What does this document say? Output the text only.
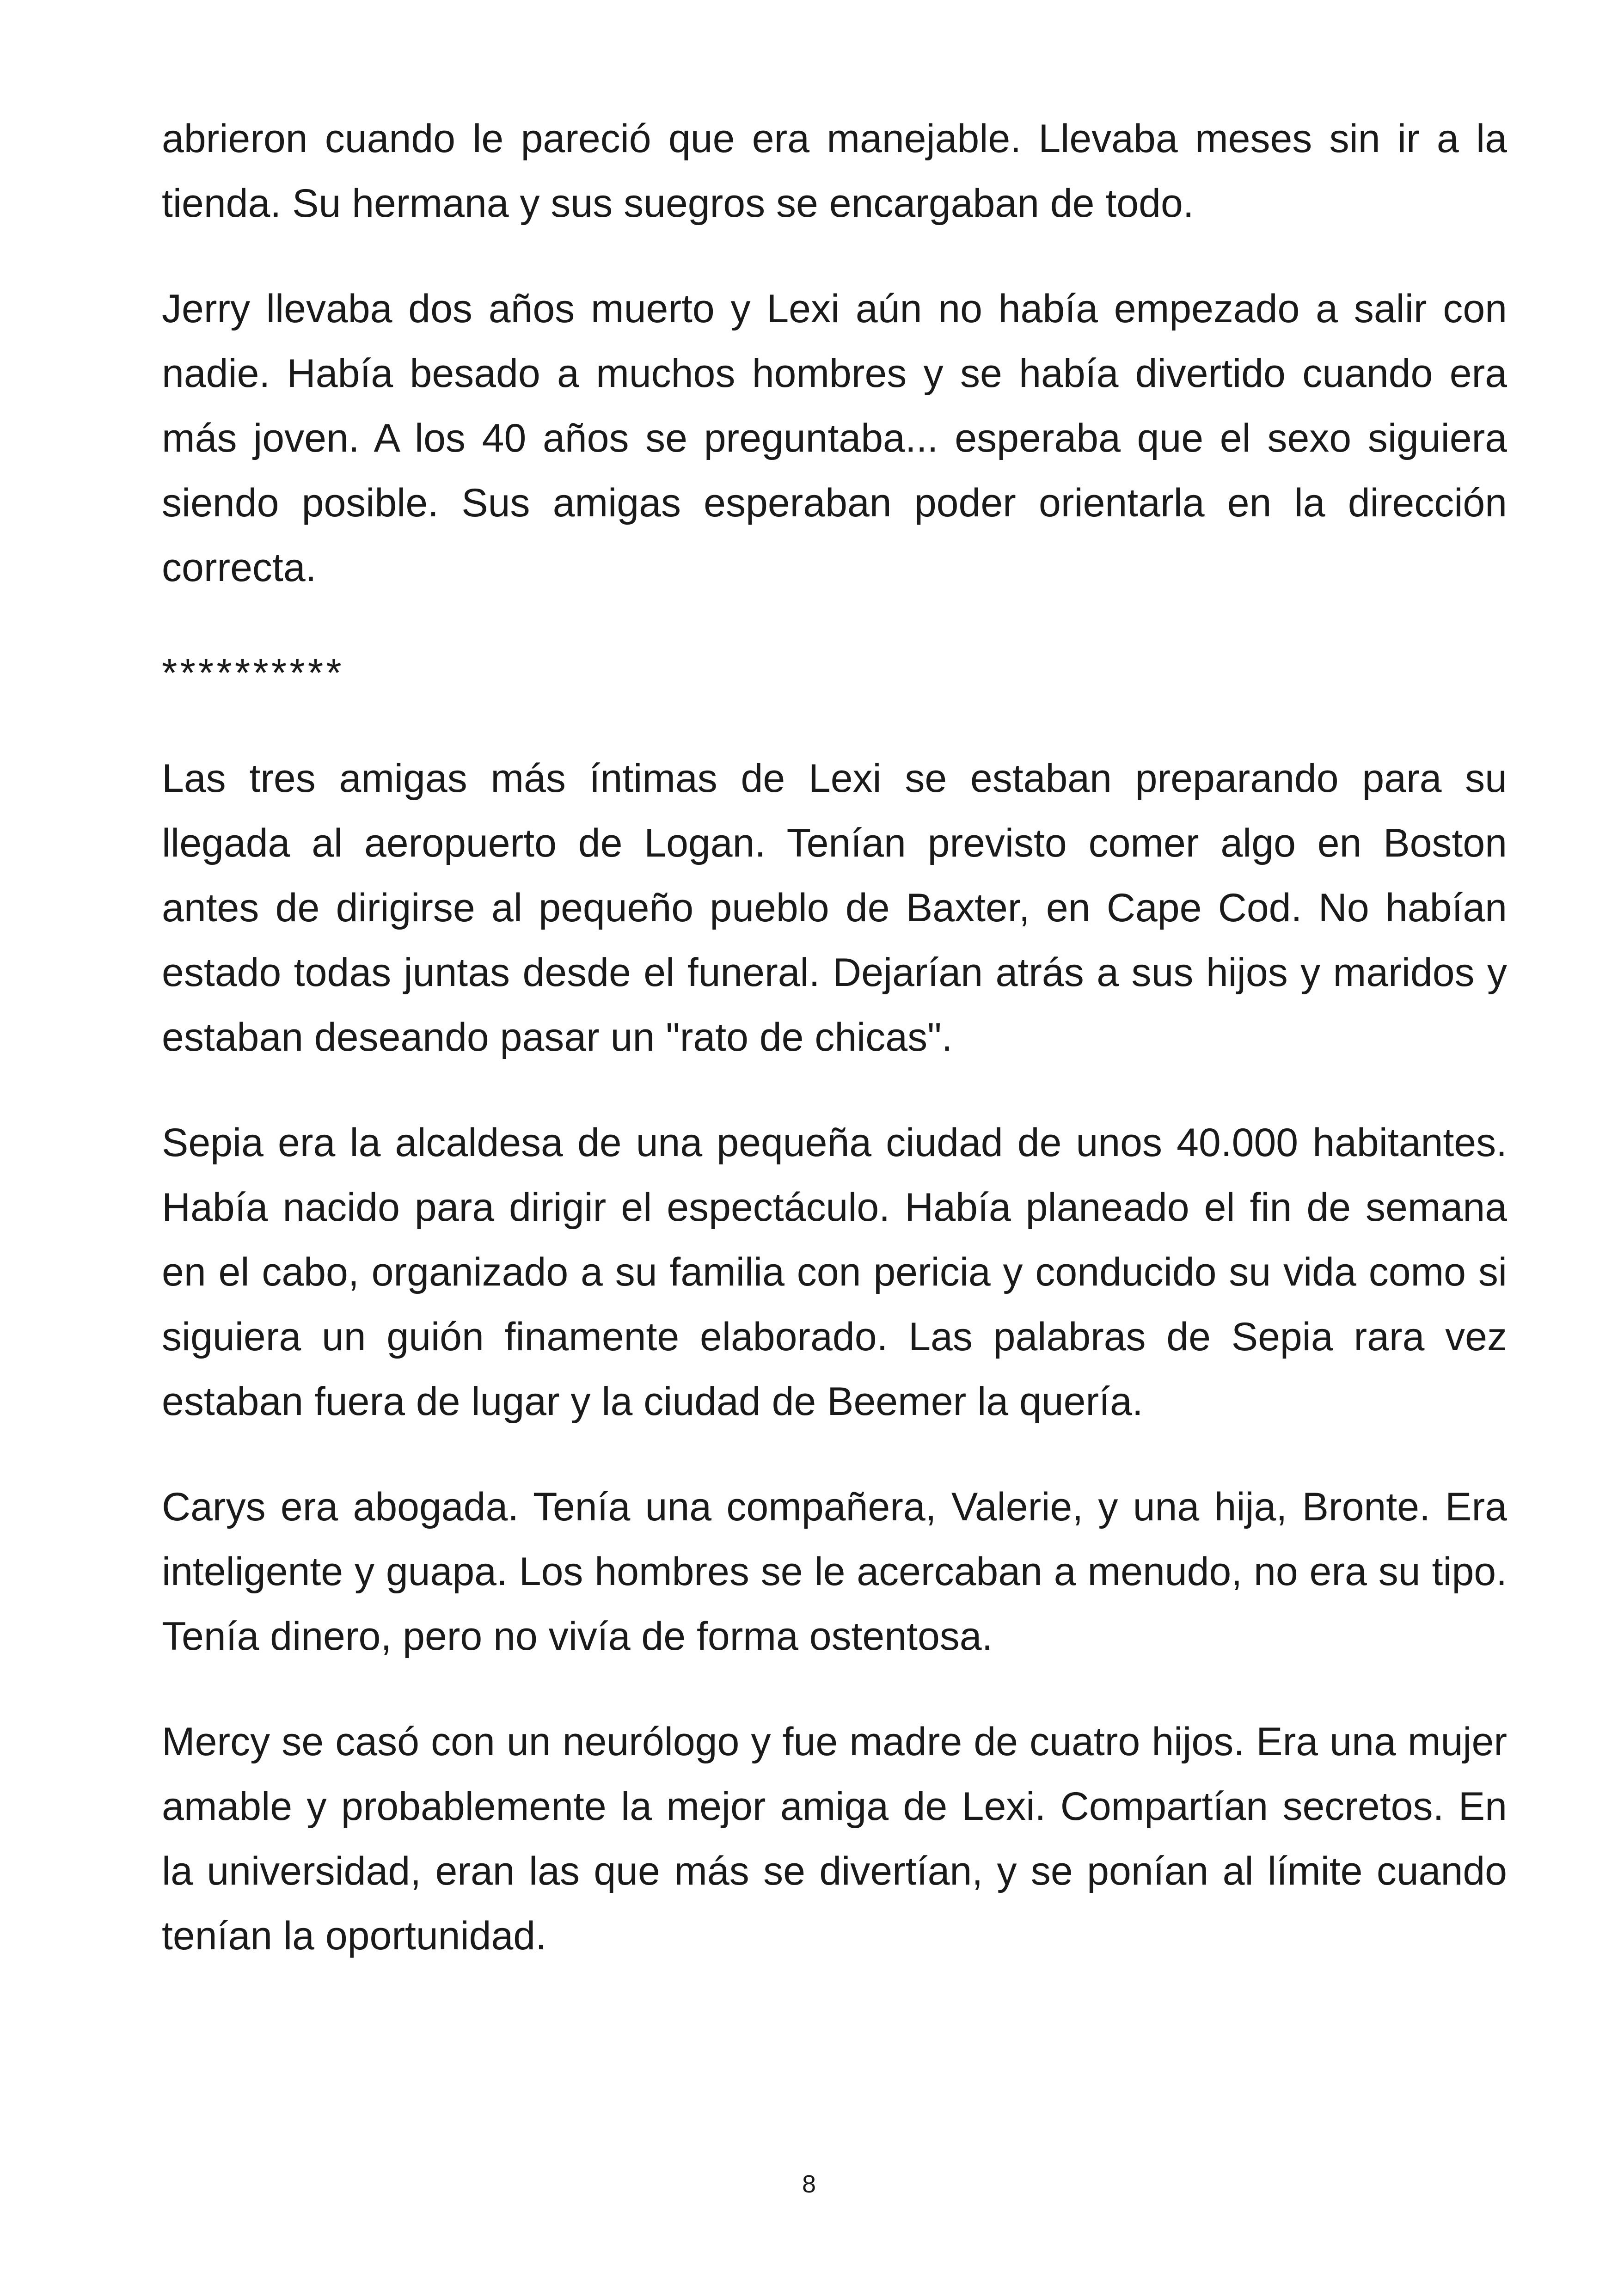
abrieron cuando le pareció que era manejable. Llevaba meses sin ir a la tienda. Su hermana y sus suegros se encargaban de todo.

Jerry llevaba dos años muerto y Lexi aún no había empezado a salir con nadie. Había besado a muchos hombres y se había divertido cuando era más joven. A los 40 años se preguntaba... esperaba que el sexo siguiera siendo posible. Sus amigas esperaban poder orientarla en la dirección correcta.

**********

Las tres amigas más íntimas de Lexi se estaban preparando para su llegada al aeropuerto de Logan. Tenían previsto comer algo en Boston antes de dirigirse al pequeño pueblo de Baxter, en Cape Cod. No habían estado todas juntas desde el funeral. Dejarían atrás a sus hijos y maridos y estaban deseando pasar un "rato de chicas".

Sepia era la alcaldesa de una pequeña ciudad de unos 40.000 habitantes. Había nacido para dirigir el espectáculo. Había planeado el fin de semana en el cabo, organizado a su familia con pericia y conducido su vida como si siguiera un guión finamente elaborado. Las palabras de Sepia rara vez estaban fuera de lugar y la ciudad de Beemer la quería.

Carys era abogada. Tenía una compañera, Valerie, y una hija, Bronte. Era inteligente y guapa. Los hombres se le acercaban a menudo, no era su tipo. Tenía dinero, pero no vivía de forma ostentosa.

Mercy se casó con un neurólogo y fue madre de cuatro hijos. Era una mujer amable y probablemente la mejor amiga de Lexi. Compartían secretos. En la universidad, eran las que más se divertían, y se ponían al límite cuando tenían la oportunidad.

8
